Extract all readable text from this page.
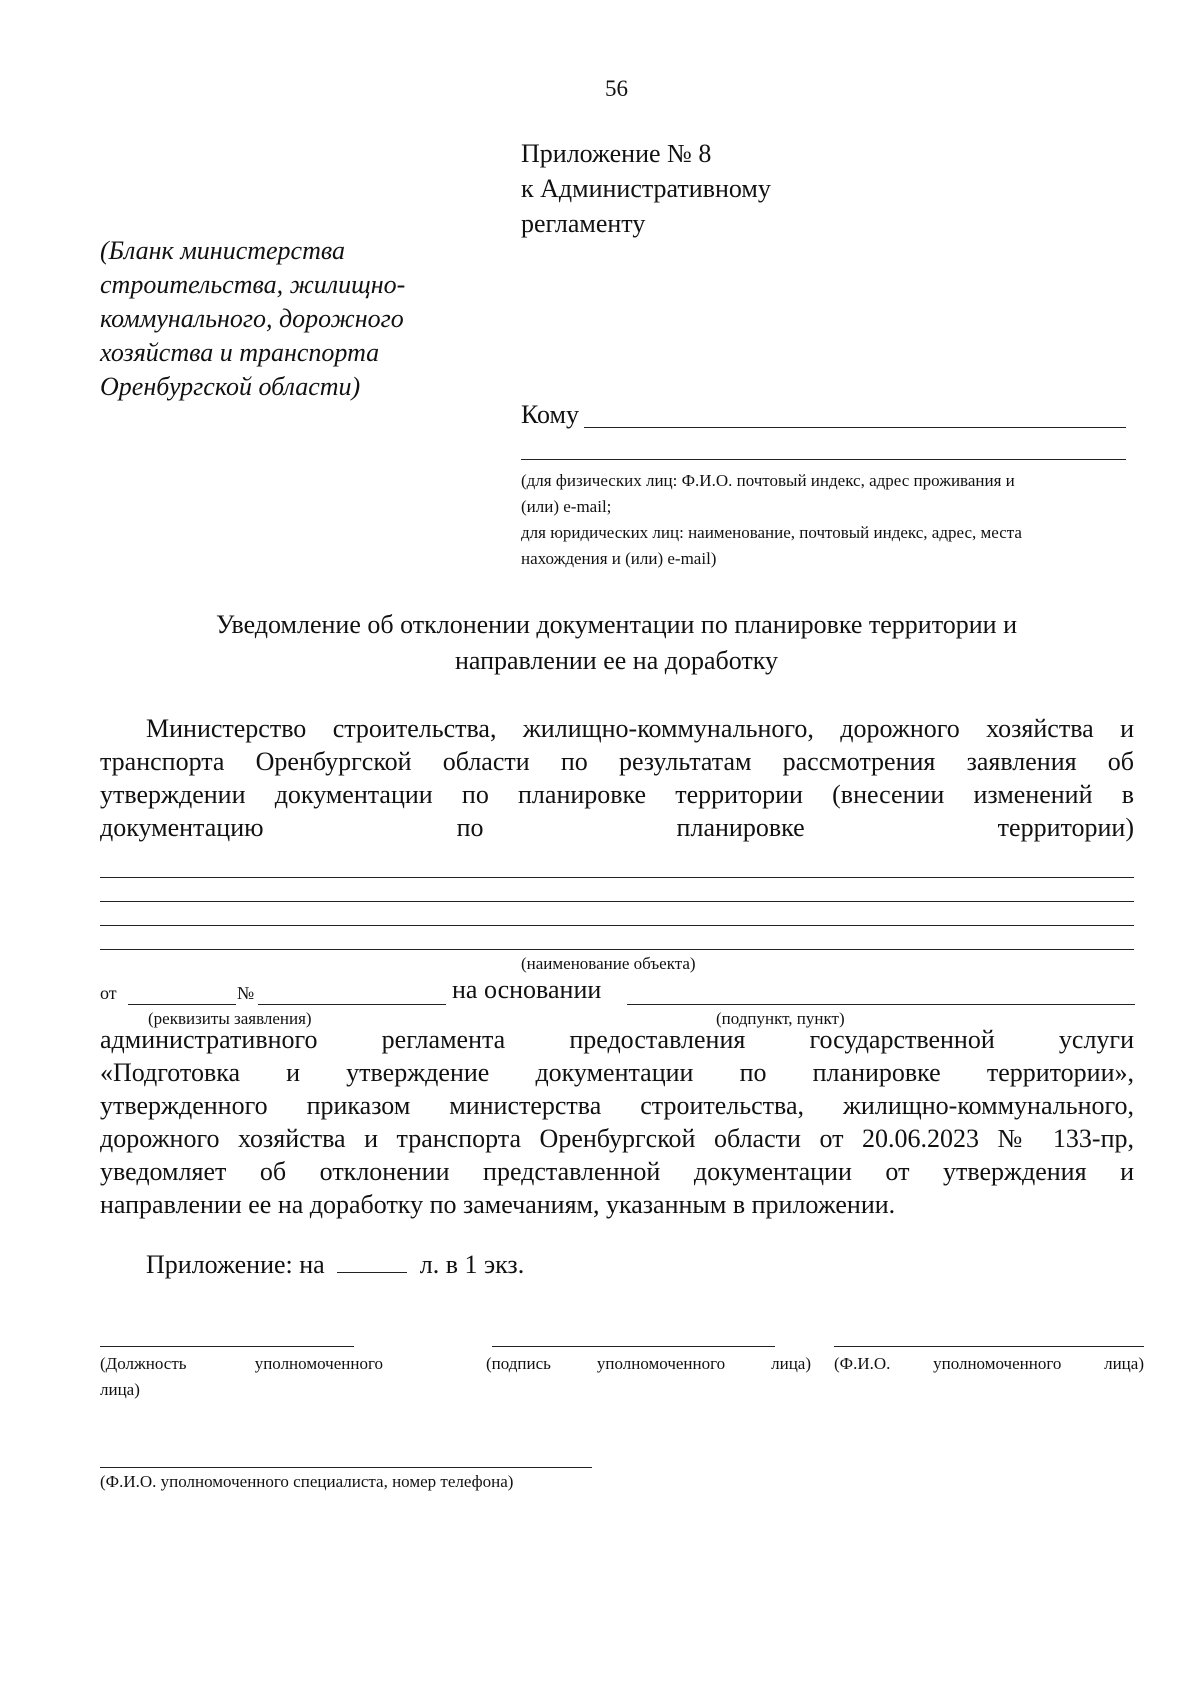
56
Приложение № 8
к Административному
регламенту
(Бланк министерства
строительства, жилищно-
коммунального, дорожного
хозяйства и транспорта
Оренбургской области)
Кому
(для физических лиц: Ф.И.О. почтовый индекс, адрес проживания и
(или) e-mail;
для юридических лиц: наименование, почтовый индекс, адрес, места
нахождения и (или) e-mail)
Уведомление об отклонении документации по планировке территории и
направлении ее на доработку
Министерство строительства, жилищно-коммунального, дорожного хозяйства и
транспорта Оренбургской области по результатам рассмотрения заявления об
утверждении документации по планировке территории (внесении изменений в
документацию по планировке территории)
(наименование объекта)
от	№	на основании
(реквизиты заявления)	(подпункт, пункт)
административного регламента предоставления государственной услуги
«Подготовка и утверждение документации по планировке территории»,
утвержденного приказом министерства строительства, жилищно-коммунального,
дорожного хозяйства и транспорта Оренбургской области от 20.06.2023 № 133-пр,
уведомляет об отклонении представленной документации от утверждения и
направлении ее на доработку по замечаниям, указанным в приложении.
Приложение: на	л. в 1 экз.
(Должность уполномоченного
лица)
(подпись уполномоченного лица) (Ф.И.О. уполномоченного лица)
(Ф.И.О. уполномоченного специалиста, номер телефона)
